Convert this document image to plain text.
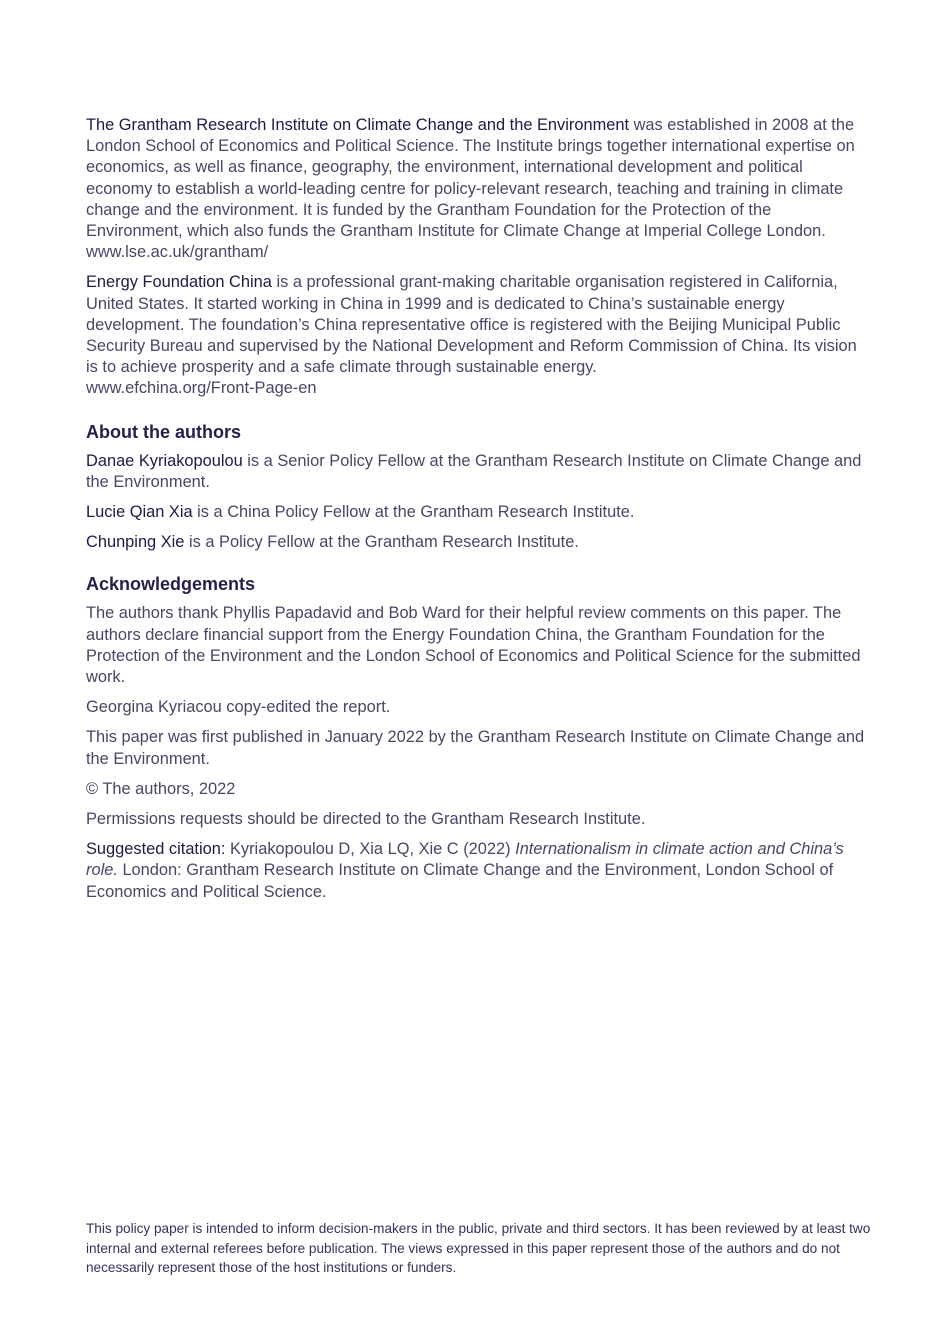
The Grantham Research Institute on Climate Change and the Environment was established in 2008 at the London School of Economics and Political Science. The Institute brings together international expertise on economics, as well as finance, geography, the environment, international development and political economy to establish a world-leading centre for policy-relevant research, teaching and training in climate change and the environment. It is funded by the Grantham Foundation for the Protection of the Environment, which also funds the Grantham Institute for Climate Change at Imperial College London.
www.lse.ac.uk/grantham/

Energy Foundation China is a professional grant-making charitable organisation registered in California, United States. It started working in China in 1999 and is dedicated to China’s sustainable energy development. The foundation’s China representative office is registered with the Beijing Municipal Public Security Bureau and supervised by the National Development and Reform Commission of China. Its vision is to achieve prosperity and a safe climate through sustainable energy.
www.efchina.org/Front-Page-en

About the authors

Danae Kyriakopoulou is a Senior Policy Fellow at the Grantham Research Institute on Climate Change and the Environment.

Lucie Qian Xia is a China Policy Fellow at the Grantham Research Institute.

Chunping Xie is a Policy Fellow at the Grantham Research Institute.

Acknowledgements

The authors thank Phyllis Papadavid and Bob Ward for their helpful review comments on this paper. The authors declare financial support from the Energy Foundation China, the Grantham Foundation for the Protection of the Environment and the London School of Economics and Political Science for the submitted work.

Georgina Kyriacou copy-edited the report.

This paper was first published in January 2022 by the Grantham Research Institute on Climate Change and the Environment.

© The authors, 2022

Permissions requests should be directed to the Grantham Research Institute.

Suggested citation: Kyriakopoulou D, Xia LQ, Xie C (2022) Internationalism in climate action and China’s role. London: Grantham Research Institute on Climate Change and the Environment, London School of Economics and Political Science.

This policy paper is intended to inform decision-makers in the public, private and third sectors. It has been reviewed by at least two internal and external referees before publication. The views expressed in this paper represent those of the authors and do not necessarily represent those of the host institutions or funders.
